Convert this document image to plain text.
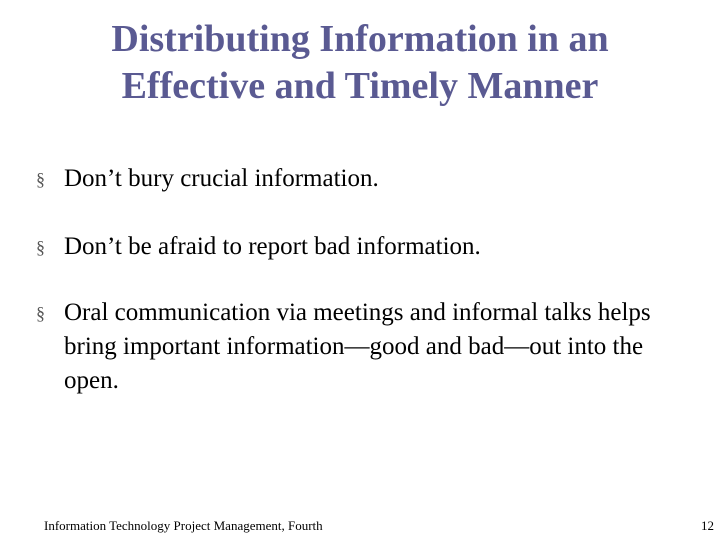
Distributing Information in an
Effective and Timely Manner
§ Don’t bury crucial information.
§ Don’t be afraid to report bad information.
§ Oral communication via meetings and informal talks helps bring important information—good and bad—out into the open.
Information Technology Project Management, Fourth	12
